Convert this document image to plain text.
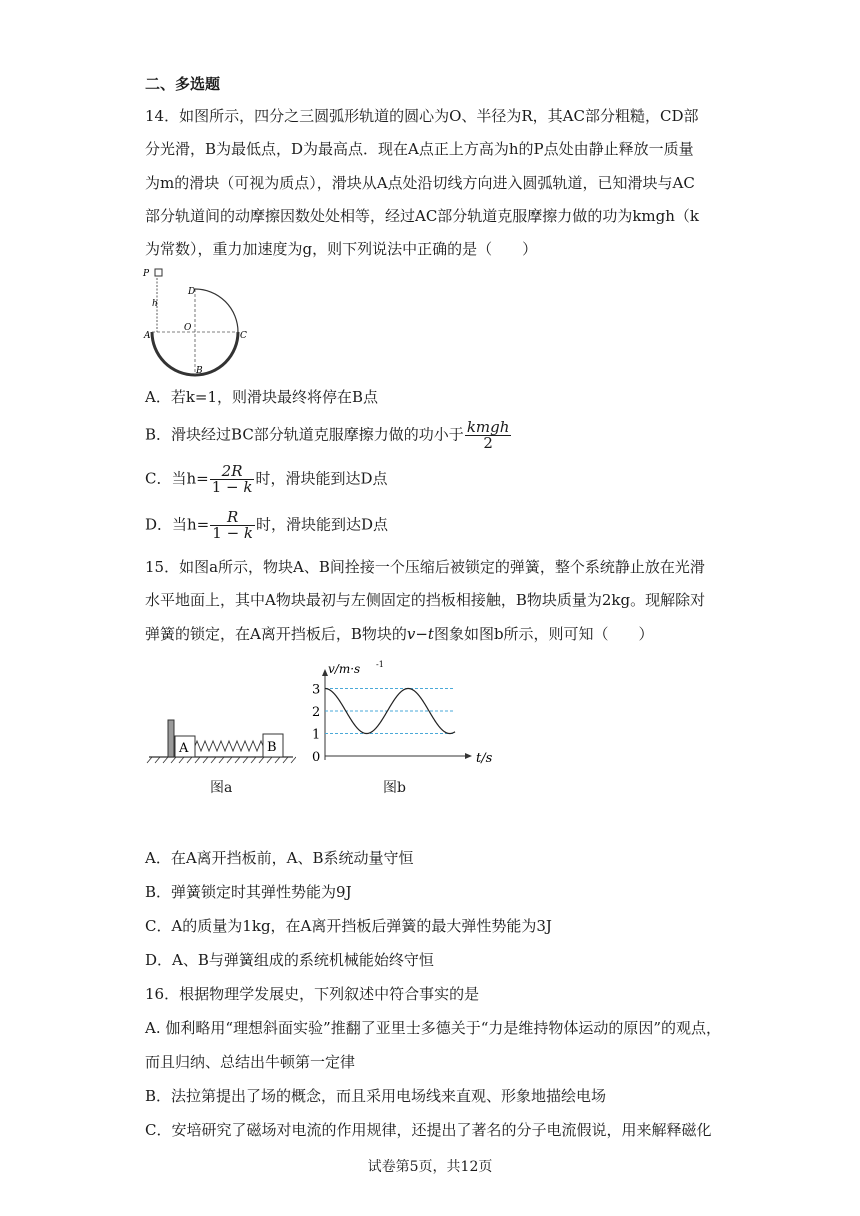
二、多选题
14．如图所示，四分之三圆弧形轨道的圆心为O、半径为R，其AC部分粗糙，CD部
分光滑，B为最低点，D为最高点．现在A点正上方高为h的P点处由静止释放一质量
为m的滑块（可视为质点），滑块从A点处沿切线方向进入圆弧轨道，已知滑块与AC
部分轨道间的动摩擦因数处处相等，经过AC部分轨道克服摩擦力做的功为kmgh（k
为常数），重力加速度为g，则下列说法中正确的是（　　）
P
h
D
A
O
C
B
A．若k=1，则滑块最终将停在B点
B．滑块经过BC部分轨道克服摩擦力做的功小于 $\frac{\text{kmgh}}{2}$
C．当$h= \frac{2R}{1 - k}$ 时，滑块能到达D点
D．当$h= \frac{R}{1 - k}$ 时，滑块能到达D点
15．如图a所示，物块A、B间拴接一个压缩后被锁定的弹簧，整个系统静止放在光滑
水平地面上，其中A物块最初与左侧固定的挡板相接触，B物块质量为2kg。现解除对
弹簧的锁定，在A离开挡板后，B物块的v−t图象如图b所示，则可知（　　）
A	B
图a
v/m·s -1
t/s
3
2
1
0
图b
A．在A离开挡板前，A、B系统动量守恒
B．弹簧锁定时其弹性势能为9J
C．A的质量为1kg，在A离开挡板后弹簧的最大弹性势能为3J
D．A、B与弹簧组成的系统机械能始终守恒
16．根据物理学发展史，下列叙述中符合事实的是
A. 伽利略用“理想斜面实验”推翻了亚里士多德关于“力是维持物体运动的原因”的观点，
而且归纳、总结出牛顿第一定律
B．法拉第提出了场的概念，而且采用电场线来直观、形象地描绘电场
C．安培研究了磁场对电流的作用规律，还提出了著名的分子电流假说，用来解释磁化
试卷第5页，共12页
